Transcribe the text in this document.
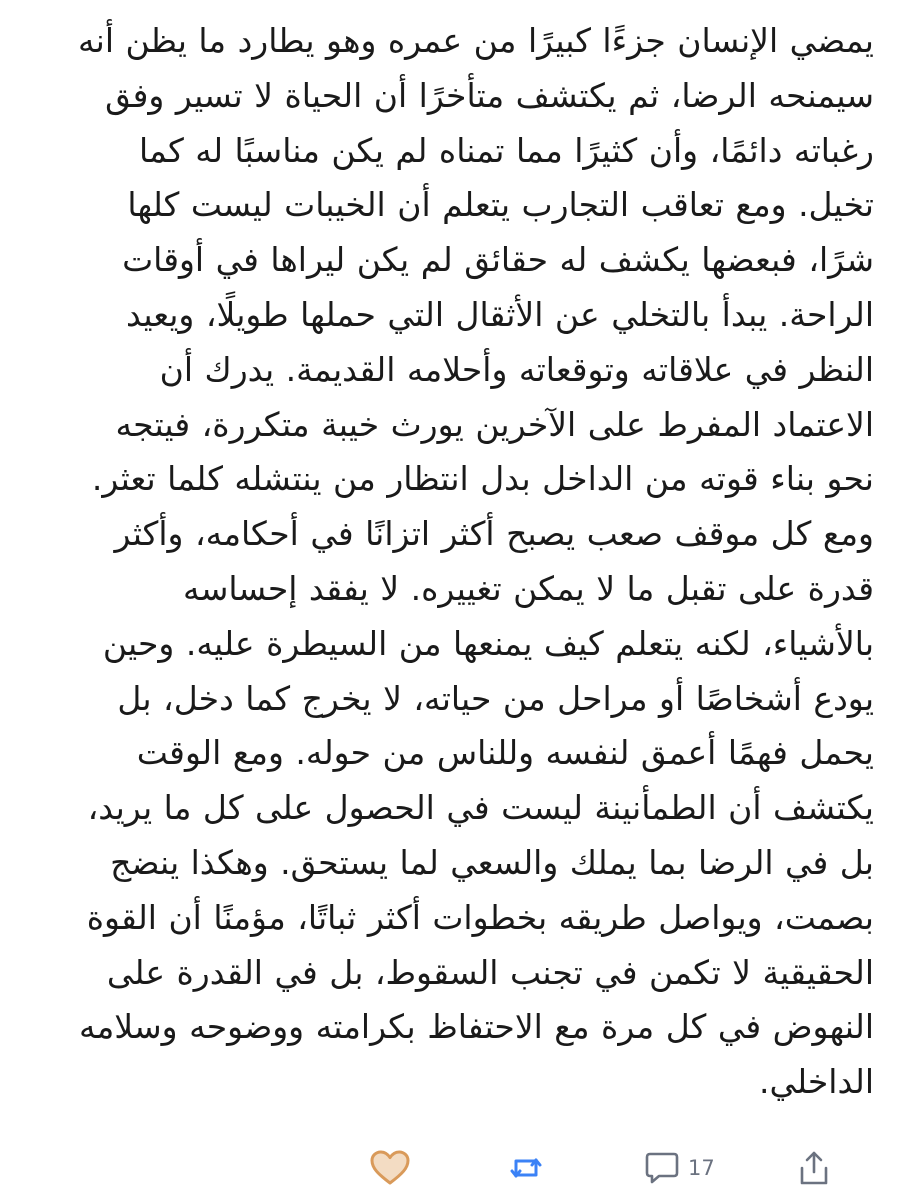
يمضي الإنسان جزءًا كبيرًا من عمره وهو يطارد ما يظن أنه
سيمنحه الرضا، ثم يكتشف متأخرًا أن الحياة لا تسير وفق
رغباته دائمًا، وأن كثيرًا مما تمناه لم يكن مناسبًا له كما
تخيل. ومع تعاقب التجارب يتعلم أن الخيبات ليست كلها
شرًا، فبعضها يكشف له حقائق لم يكن ليراها في أوقات
الراحة. يبدأ بالتخلي عن الأثقال التي حملها طويلًا، ويعيد
النظر في علاقاته وتوقعاته وأحلامه القديمة. يدرك أن
الاعتماد المفرط على الآخرين يورث خيبة متكررة، فيتجه
نحو بناء قوته من الداخل بدل انتظار من ينتشله كلما تعثر.
ومع كل موقف صعب يصبح أكثر اتزانًا في أحكامه، وأكثر
قدرة على تقبل ما لا يمكن تغييره. لا يفقد إحساسه
بالأشياء، لكنه يتعلم كيف يمنعها من السيطرة عليه. وحين
يودع أشخاصًا أو مراحل من حياته، لا يخرج كما دخل، بل
يحمل فهمًا أعمق لنفسه وللناس من حوله. ومع الوقت
يكتشف أن الطمأنينة ليست في الحصول على كل ما يريد،
بل في الرضا بما يملك والسعي لما يستحق. وهكذا ينضج
بصمت، ويواصل طريقه بخطوات أكثر ثباتًا، مؤمنًا أن القوة
الحقيقية لا تكمن في تجنب السقوط، بل في القدرة على
النهوض في كل مرة مع الاحتفاظ بكرامته ووضوحه وسلامه
الداخلي.

17
